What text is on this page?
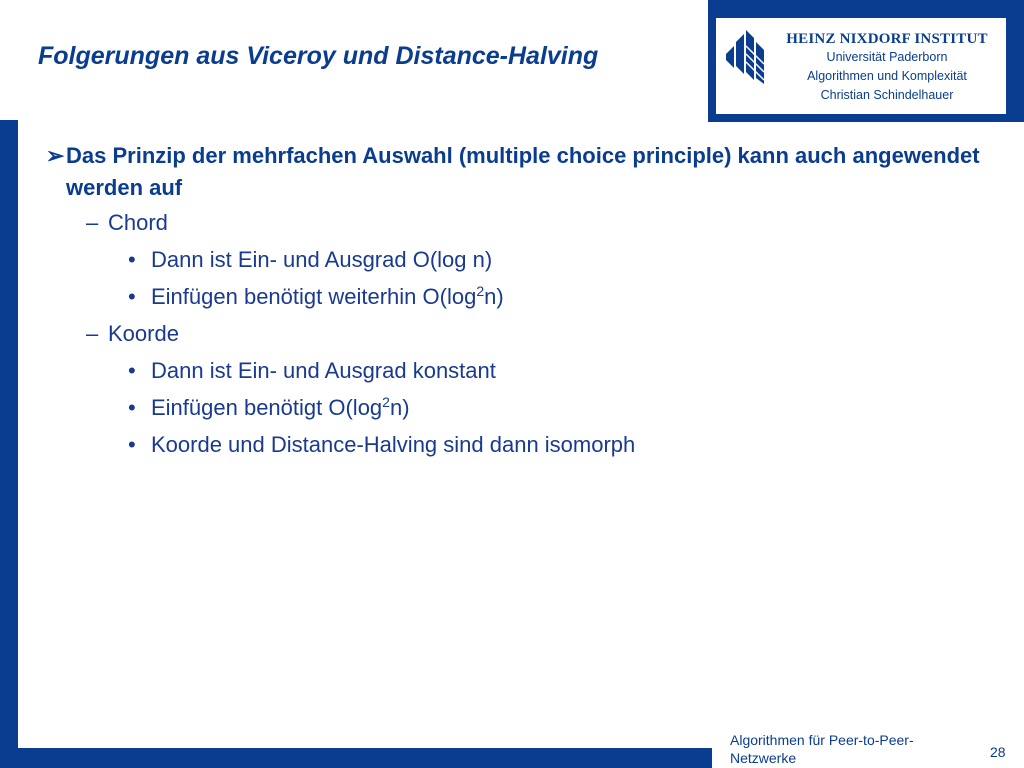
HEINZ NIXDORF INSTITUT
Universität Paderborn
Algorithmen und Komplexität
Christian Schindelhauer
Folgerungen aus Viceroy und Distance-Halving
➢ Das Prinzip der mehrfachen Auswahl (multiple choice principle) kann auch angewendet werden auf
– Chord
• Dann ist Ein- und Ausgrad O(log n)
• Einfügen benötigt weiterhin $O(\log^2n)$
– Koorde
• Dann ist Ein- und Ausgrad konstant
• Einfügen benötigt $O(\log^2n)$
• Koorde und Distance-Halving sind dann isomorph
Algorithmen für Peer-to-Peer-Netzwerke	28
